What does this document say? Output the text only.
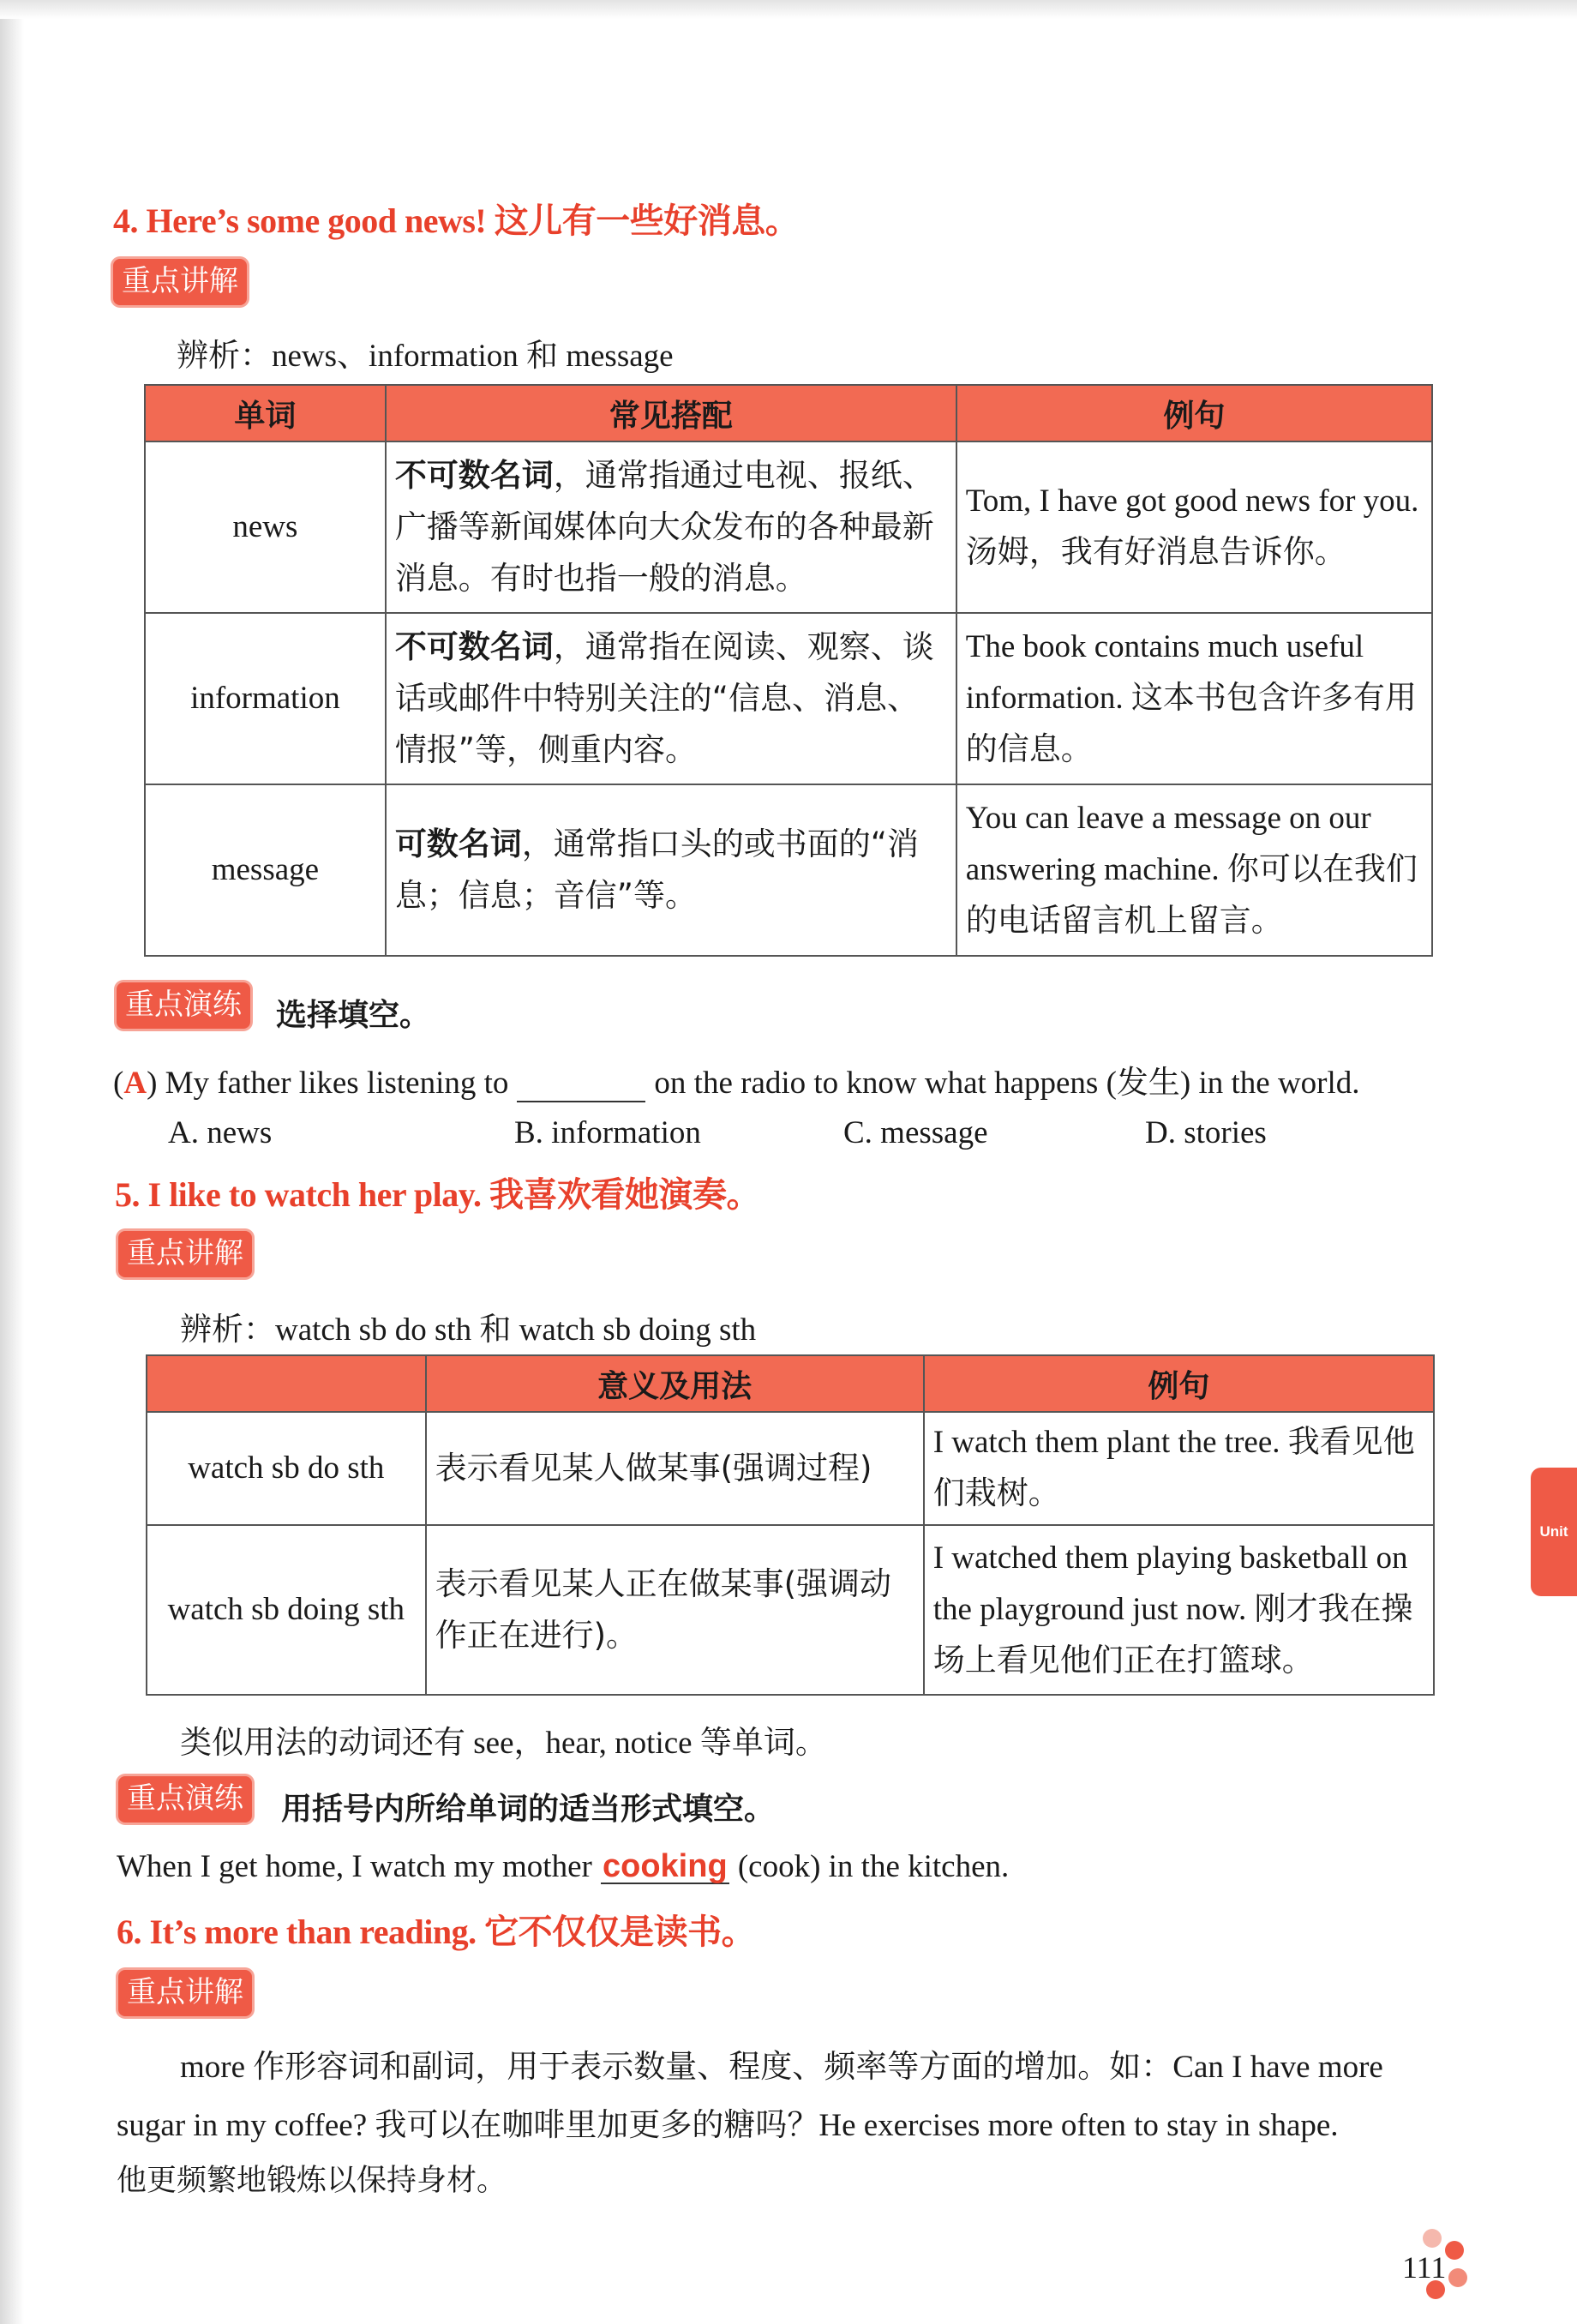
4. Here’s some good news! 这儿有一些好消息。
重点讲解
辨析：news、information 和 message
单词	常见搭配	例句
news	不可数名词，通常指通过电视、报纸、广播等新闻媒体向大众发布的各种最新消息。有时也指一般的消息。	Tom, I have got good news for you. 汤姆，我有好消息告诉你。
information	不可数名词，通常指在阅读、观察、谈话或邮件中特别关注的“信息、消息、情报”等，侧重内容。	The book contains much useful information. 这本书包含许多有用的信息。
message	可数名词，通常指口头的或书面的“消息；信息；音信”等。	You can leave a message on our answering machine. 你可以在我们的电话留言机上留言。
重点演练 选择填空。
(A) My father likes listening to	on the radio to know what happens (发生) in the world.
A. news	B. information	C. message	D. stories
5. I like to watch her play. 我喜欢看她演奏。
重点讲解
辨析：watch sb do sth 和 watch sb doing sth
	意义及用法	例句
watch sb do sth	表示看见某人做某事(强调过程)	I watch them plant the tree. 我看见他们栽树。
watch sb doing sth	表示看见某人正在做某事(强调动作正在进行)。	I watched them playing basketball on the playground just now. 刚才我在操场上看见他们正在打篮球。
类似用法的动词还有 see，hear, notice 等单词。
重点演练 用括号内所给单词的适当形式填空。
When I get home, I watch my mother cooking (cook) in the kitchen.
6. It’s more than reading. 它不仅仅是读书。
重点讲解
more 作形容词和副词，用于表示数量、程度、频率等方面的增加。如：Can I have more
sugar in my coffee? 我可以在咖啡里加更多的糖吗？He exercises more often to stay in shape.
他更频繁地锻炼以保持身材。
Unit
111
